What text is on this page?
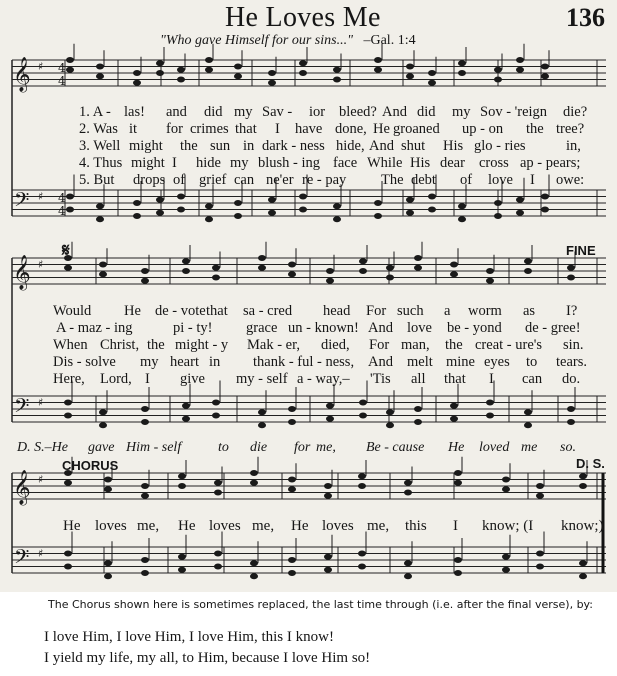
He Loves Me	136
"Who gave Himself for our sins..." –Gal. 1:4
𝄞
𝄢
♯
♯
4
4
4
4
𝄞
𝄢
♯
♯
𝄞
𝄢
♯
♯
1. A - las! and did my Sav - ior bleed? And did my Sov - 'reign die?
2. Was it for crimes that I have done, He groaned up - on the tree?
3. Well might the sun in dark - ness hide, And shut His glo - ries	in,
4. Thus might I hide my blush - ing face While His dear cross ap - pears;
5. But drops of grief can ne'er re - pay The debt of love I owe:
𝄋	FINE
Would He de - vote that sa - cred head For such a worm as I?
A - maz - ing	pi - ty! grace un - known! And love be - yond de - gree!
When Christ, the might - y Mak - er, died, For man, the creat - ure's sin.
Dis - solve my heart in thank - ful - ness, And melt mine eyes to tears.
Here, Lord, I give my - self a - way,– 'Tis all that I can do.
D. S.–He gave Him - self	to die for me, Be - cause He loved me so.
CHORUS	D. S.
He loves me, He loves me, He loves me, this I know; (I know;)
The Chorus shown here is sometimes replaced, the last time through (i.e. after the final verse), by:
I love Him, I love Him, I love Him, this I know!
I yield my life, my all, to Him, because I love Him so!
